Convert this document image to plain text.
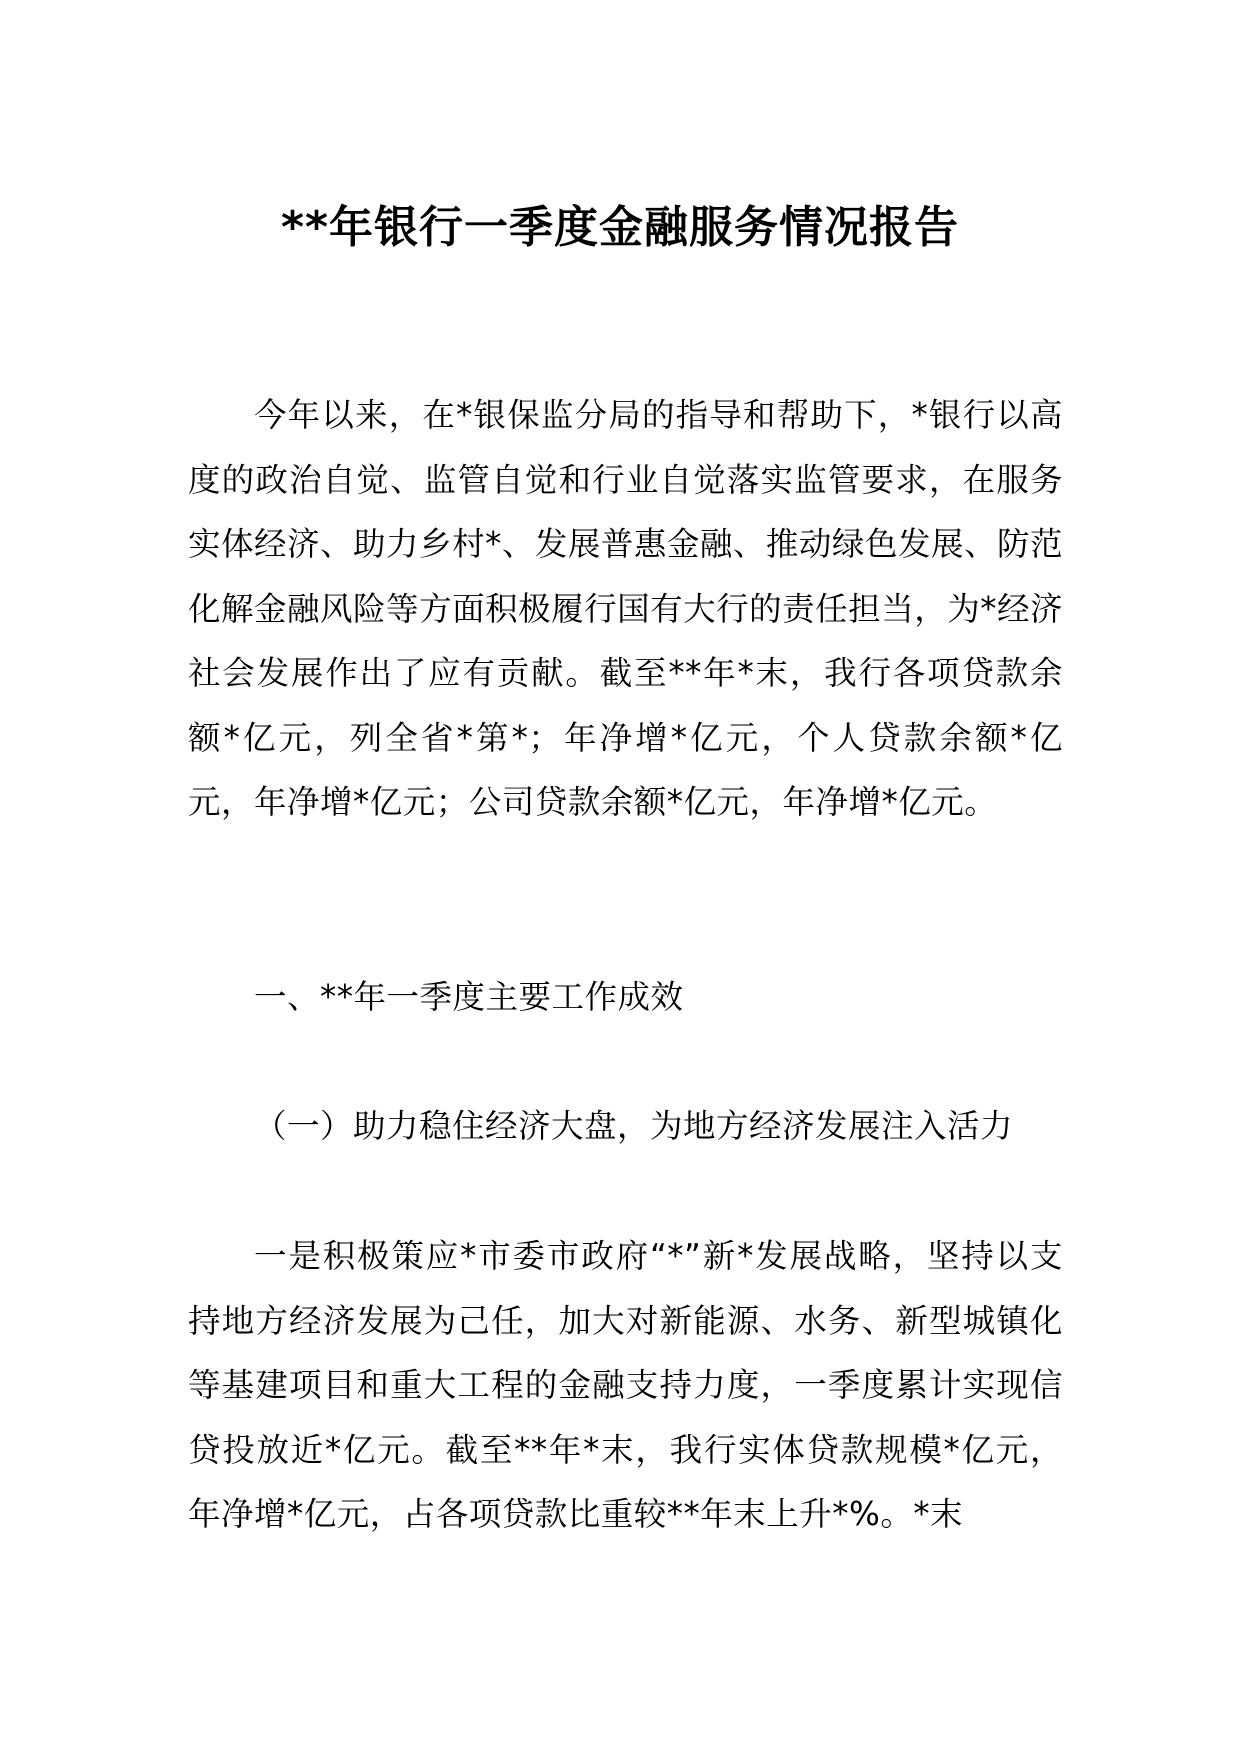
**年银行一季度金融服务情况报告

今年以来，在*银保监分局的指导和帮助下，*银行以高度的政治自觉、监管自觉和行业自觉落实监管要求，在服务实体经济、助力乡村*、发展普惠金融、推动绿色发展、防范化解金融风险等方面积极履行国有大行的责任担当，为*经济社会发展作出了应有贡献。截至**年*末，我行各项贷款余额*亿元，列全省*第*；年净增*亿元，个人贷款余额*亿元，年净增*亿元；公司贷款余额*亿元，年净增*亿元。

一、**年一季度主要工作成效

（一）助力稳住经济大盘，为地方经济发展注入活力

一是积极策应*市委市政府“*”新*发展战略，坚持以支持地方经济发展为己任，加大对新能源、水务、新型城镇化等基建项目和重大工程的金融支持力度，一季度累计实现信贷投放近*亿元。截至**年*末，我行实体贷款规模*亿元，年净增*亿元，占各项贷款比重较**年末上升*%。*末
